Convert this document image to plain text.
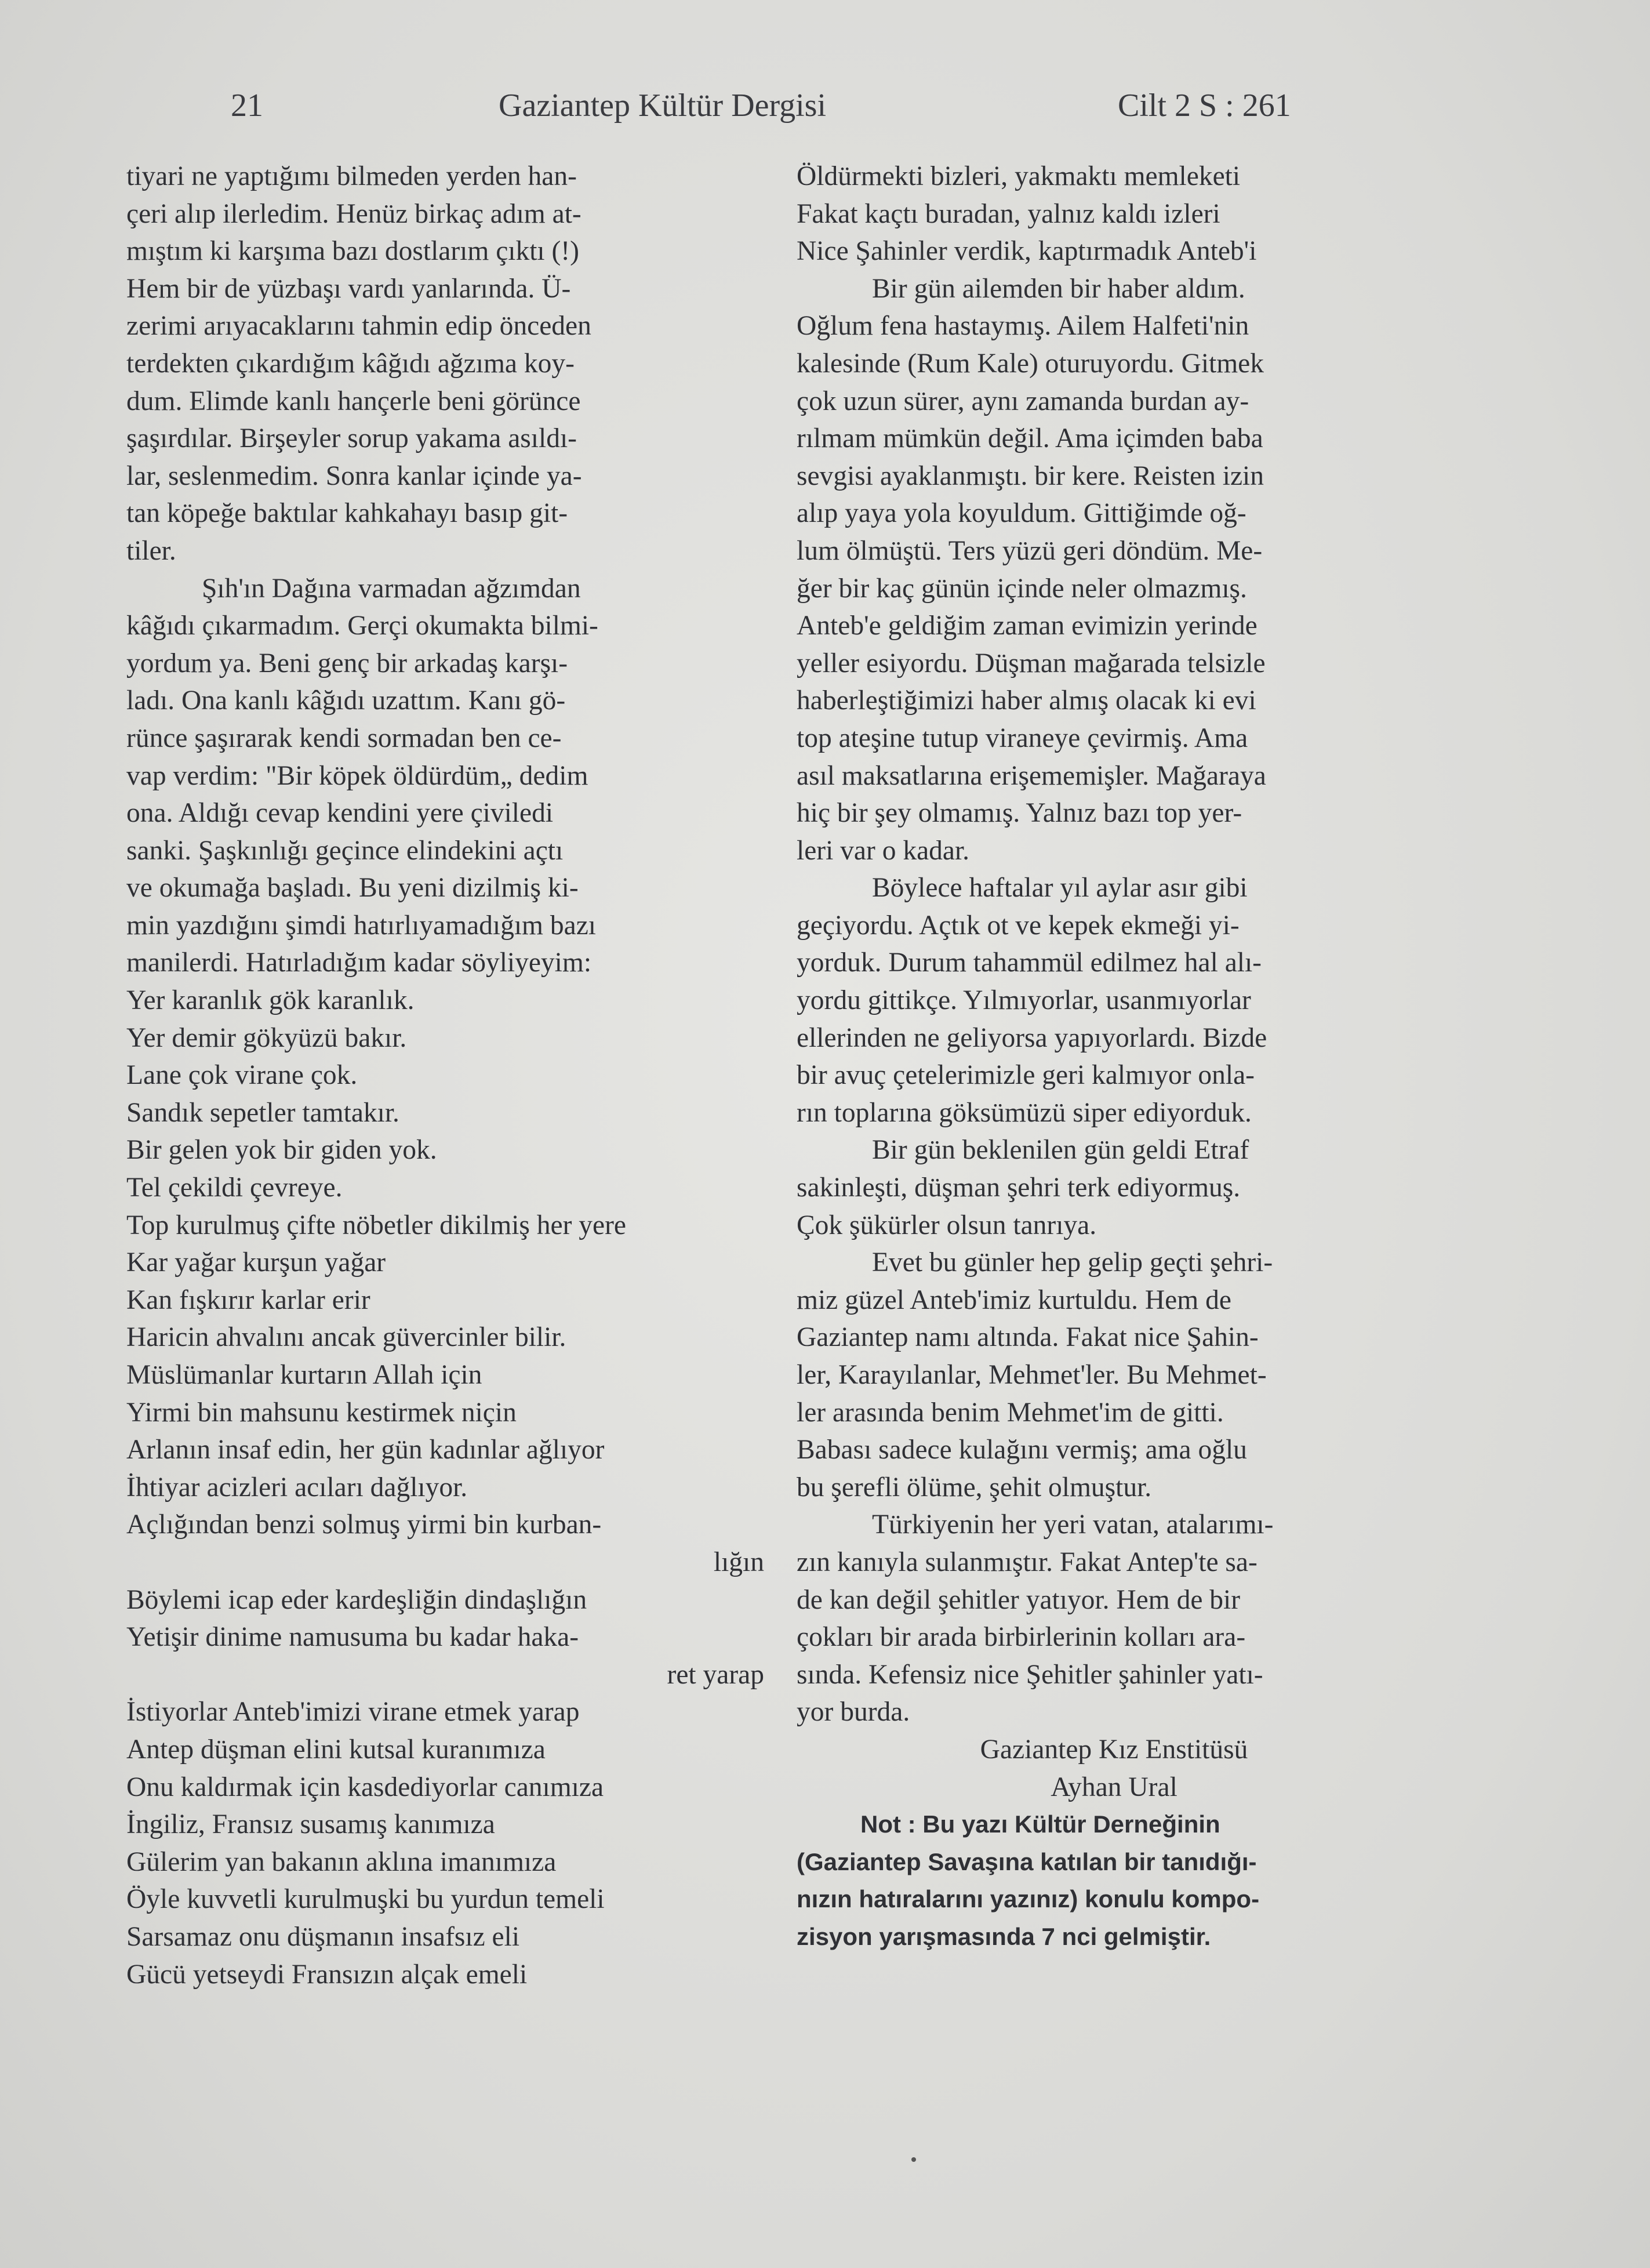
21	Gaziantep Kültür Dergisi	Cilt 2 S : 261
tiyari ne yaptığımı bilmeden yerden han-
çeri alıp ilerledim. Henüz birkaç adım at-
mıştım ki karşıma bazı dostlarım çıktı (!)
Hem bir de yüzbaşı vardı yanlarında. Ü-
zerimi arıyacaklarını tahmin edip önceden
terdekten çıkardığım kâğıdı ağzıma koy-
dum. Elimde kanlı hançerle beni görünce
şaşırdılar. Birşeyler sorup yakama asıldı-
lar, seslenmedim. Sonra kanlar içinde ya-
tan köpeğe baktılar kahkahayı basıp git-
tiler.
Şıh'ın Dağına varmadan ağzımdan
kâğıdı çıkarmadım. Gerçi okumakta bilmi-
yordum ya. Beni genç bir arkadaş karşı-
ladı. Ona kanlı kâğıdı uzattım. Kanı gö-
rünce şaşırarak kendi sormadan ben ce-
vap verdim: "Bir köpek öldürdüm„ dedim
ona. Aldığı cevap kendini yere çiviledi
sanki. Şaşkınlığı geçince elindekini açtı
ve okumağa başladı. Bu yeni dizilmiş ki-
min yazdığını şimdi hatırlıyamadığım bazı
manilerdi. Hatırladığım kadar söyliyeyim:
Yer karanlık gök karanlık.
Yer demir gökyüzü bakır.
Lane çok virane çok.
Sandık sepetler tamtakır.
Bir gelen yok bir giden yok.
Tel çekildi çevreye.
Top kurulmuş çifte nöbetler dikilmiş her yere
Kar yağar kurşun yağar
Kan fışkırır karlar erir
Haricin ahvalını ancak güvercinler bilir.
Müslümanlar kurtarın Allah için
Yirmi bin mahsunu kestirmek niçin
Arlanın insaf edin, her gün kadınlar ağlıyor
İhtiyar acizleri acıları dağlıyor.
Açlığından benzi solmuş yirmi bin kurban-
lığın
Böylemi icap eder kardeşliğin dindaşlığın
Yetişir dinime namusuma bu kadar haka-
ret yarap
İstiyorlar Anteb'imizi virane etmek yarap
Antep düşman elini kutsal kuranımıza
Onu kaldırmak için kasdediyorlar canımıza
İngiliz, Fransız susamış kanımıza
Gülerim yan bakanın aklına imanımıza
Öyle kuvvetli kurulmuşki bu yurdun temeli
Sarsamaz onu düşmanın insafsız eli
Gücü yetseydi Fransızın alçak emeli
Öldürmekti bizleri, yakmaktı memleketi
Fakat kaçtı buradan, yalnız kaldı izleri
Nice Şahinler verdik, kaptırmadık Anteb'i
Bir gün ailemden bir haber aldım.
Oğlum fena hastaymış. Ailem Halfeti'nin
kalesinde (Rum Kale) oturuyordu. Gitmek
çok uzun sürer, aynı zamanda burdan ay-
rılmam mümkün değil. Ama içimden baba
sevgisi ayaklanmıştı. bir kere. Reisten izin
alıp yaya yola koyuldum. Gittiğimde oğ-
lum ölmüştü. Ters yüzü geri döndüm. Me-
ğer bir kaç günün içinde neler olmazmış.
Anteb'e geldiğim zaman evimizin yerinde
yeller esiyordu. Düşman mağarada telsizle
haberleştiğimizi haber almış olacak ki evi
top ateşine tutup viraneye çevirmiş. Ama
asıl maksatlarına erişememişler. Mağaraya
hiç bir şey olmamış. Yalnız bazı top yer-
leri var o kadar.
Böylece haftalar yıl aylar asır gibi
geçiyordu. Açtık ot ve kepek ekmeği yi-
yorduk. Durum tahammül edilmez hal alı-
yordu gittikçe. Yılmıyorlar, usanmıyorlar
ellerinden ne geliyorsa yapıyorlardı. Bizde
bir avuç çetelerimizle geri kalmıyor onla-
rın toplarına göksümüzü siper ediyorduk.
Bir gün beklenilen gün geldi Etraf
sakinleşti, düşman şehri terk ediyormuş.
Çok şükürler olsun tanrıya.
Evet bu günler hep gelip geçti şehri-
miz güzel Anteb'imiz kurtuldu. Hem de
Gaziantep namı altında. Fakat nice Şahin-
ler, Karayılanlar, Mehmet'ler. Bu Mehmet-
ler arasında benim Mehmet'im de gitti.
Babası sadece kulağını vermiş; ama oğlu
bu şerefli ölüme, şehit olmuştur.
Türkiyenin her yeri vatan, atalarımı-
zın kanıyla sulanmıştır. Fakat Antep'te sa-
de kan değil şehitler yatıyor. Hem de bir
çokları bir arada birbirlerinin kolları ara-
sında. Kefensiz nice Şehitler şahinler yatı-
yor burda.
Gaziantep Kız Enstitüsü
Ayhan Ural
Not : Bu yazı Kültür Derneğinin
(Gaziantep Savaşına katılan bir tanıdığı-
nızın hatıralarını yazınız) konulu kompo-
zisyon yarışmasında 7 nci gelmiştir.
